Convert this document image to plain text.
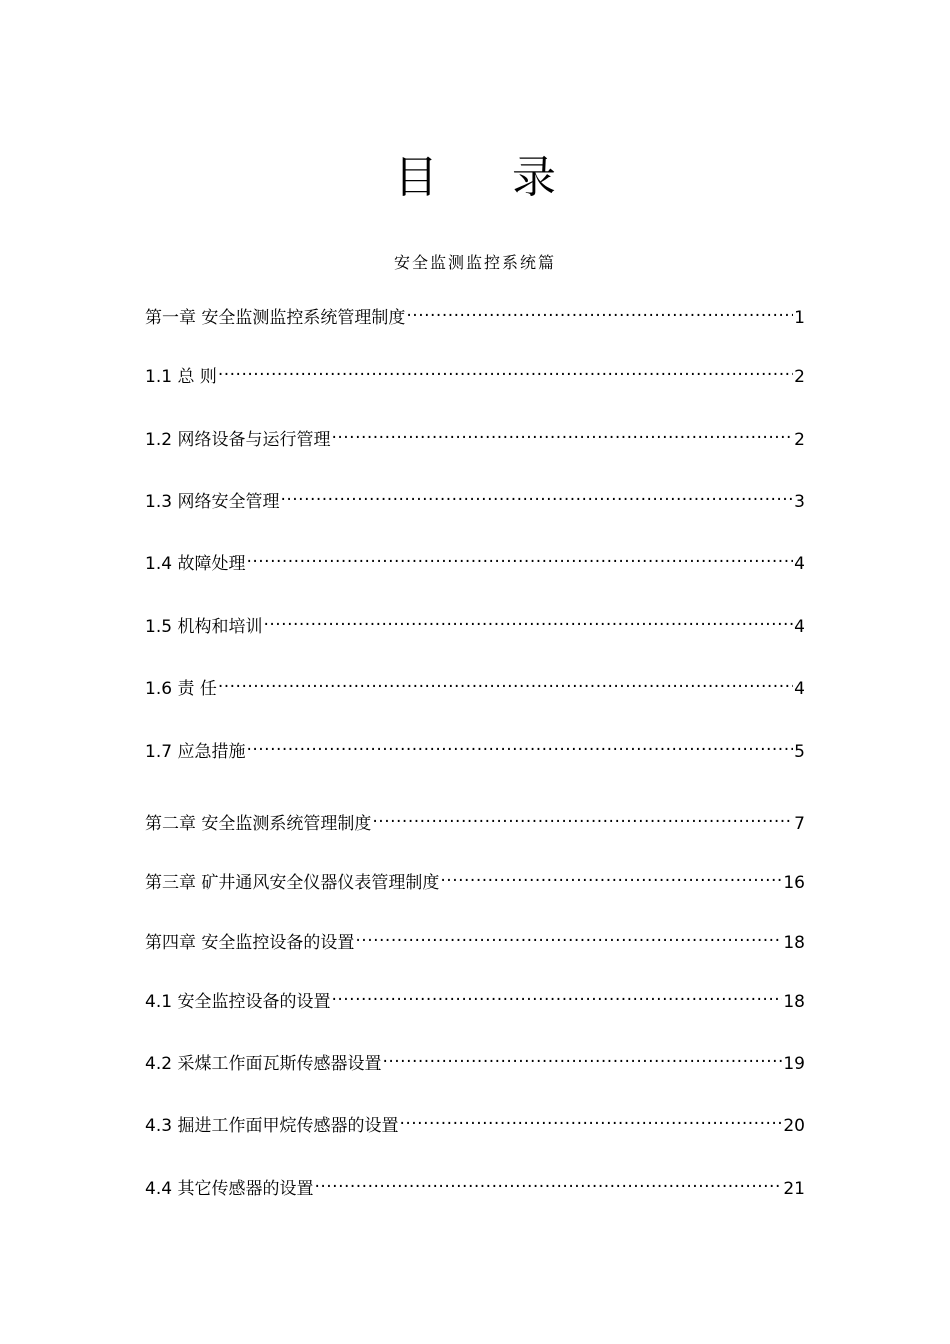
目 录
安全监测监控系统篇
第一章 安全监测监控系统管理制度 .....	1
1.1 总 则 .....	2
1.2 网络设备与运行管理 .....	2
1.3 网络安全管理 .....	3
1.4 故障处理 .....	4
1.5 机构和培训 .....	4
1.6 责 任 .....	4
1.7 应急措施 .....	5
第二章 安全监测系统管理制度 .....	7
第三章 矿井通风安全仪器仪表管理制度 .....	16
第四章 安全监控设备的设置 .....	18
4.1 安全监控设备的设置 .....	18
4.2 采煤工作面瓦斯传感器设置 .....	19
4.3 掘进工作面甲烷传感器的设置 .....	20
4.4 其它传感器的设置 .....	21
